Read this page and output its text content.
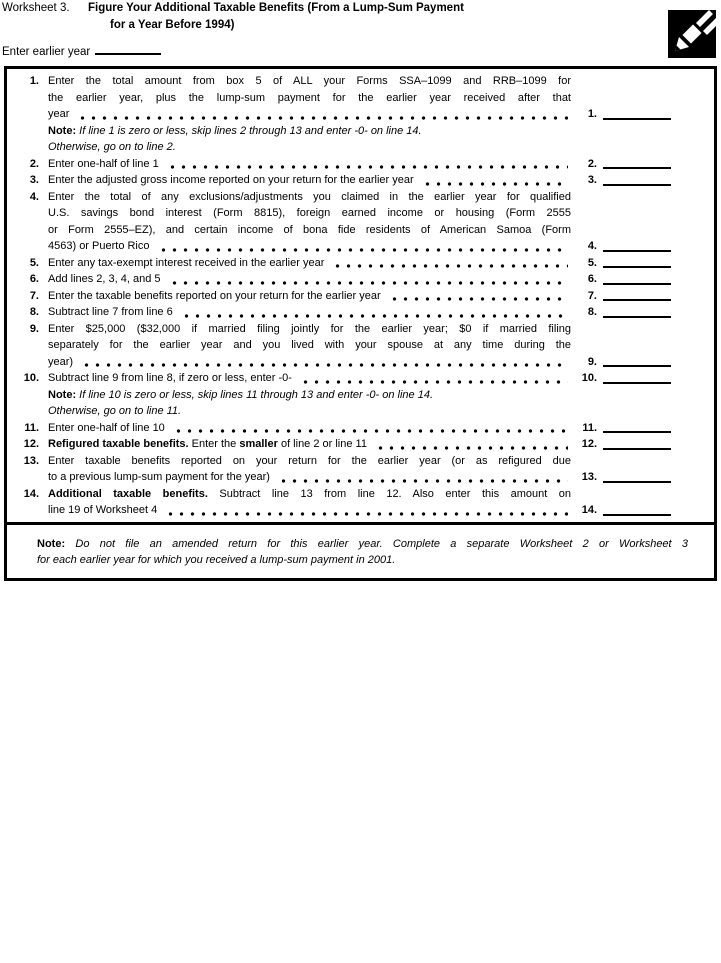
Worksheet 3. Figure Your Additional Taxable Benefits (From a Lump-Sum Payment
for a Year Before 1994)
Enter earlier year
1. Enter the total amount from box 5 of ALL your Forms SSA–1099 and RRB–1099 for
the earlier year, plus the lump-sum payment for the earlier year received after that
year	1.
Note: If line 1 is zero or less, skip lines 2 through 13 and enter -0- on line 14.
Otherwise, go on to line 2.
2. Enter one-half of line 1	2.
3. Enter the adjusted gross income reported on your return for the earlier year	3.
4. Enter the total of any exclusions/adjustments you claimed in the earlier year for qualified
U.S. savings bond interest (Form 8815), foreign earned income or housing (Form 2555
or Form 2555–EZ), and certain income of bona fide residents of American Samoa (Form
4563) or Puerto Rico	4.
5. Enter any tax-exempt interest received in the earlier year	5.
6. Add lines 2, 3, 4, and 5	6.
7. Enter the taxable benefits reported on your return for the earlier year	7.
8. Subtract line 7 from line 6	8.
9. Enter $25,000 ($32,000 if married filing jointly for the earlier year; $0 if married filing
separately for the earlier year and you lived with your spouse at any time during the
year)	9.
10. Subtract line 9 from line 8, if zero or less, enter -0-	10.
Note: If line 10 is zero or less, skip lines 11 through 13 and enter -0- on line 14.
Otherwise, go on to line 11.
11. Enter one-half of line 10	11.
12. Refigured taxable benefits. Enter the smaller of line 2 or line 11	12.
13. Enter taxable benefits reported on your return for the earlier year (or as refigured due
to a previous lump-sum payment for the year)	13.
14. Additional taxable benefits. Subtract line 13 from line 12. Also enter this amount on
line 19 of Worksheet 4	14.
Note: Do not file an amended return for this earlier year. Complete a separate Worksheet 2 or Worksheet 3
for each earlier year for which you received a lump-sum payment in 2001.
